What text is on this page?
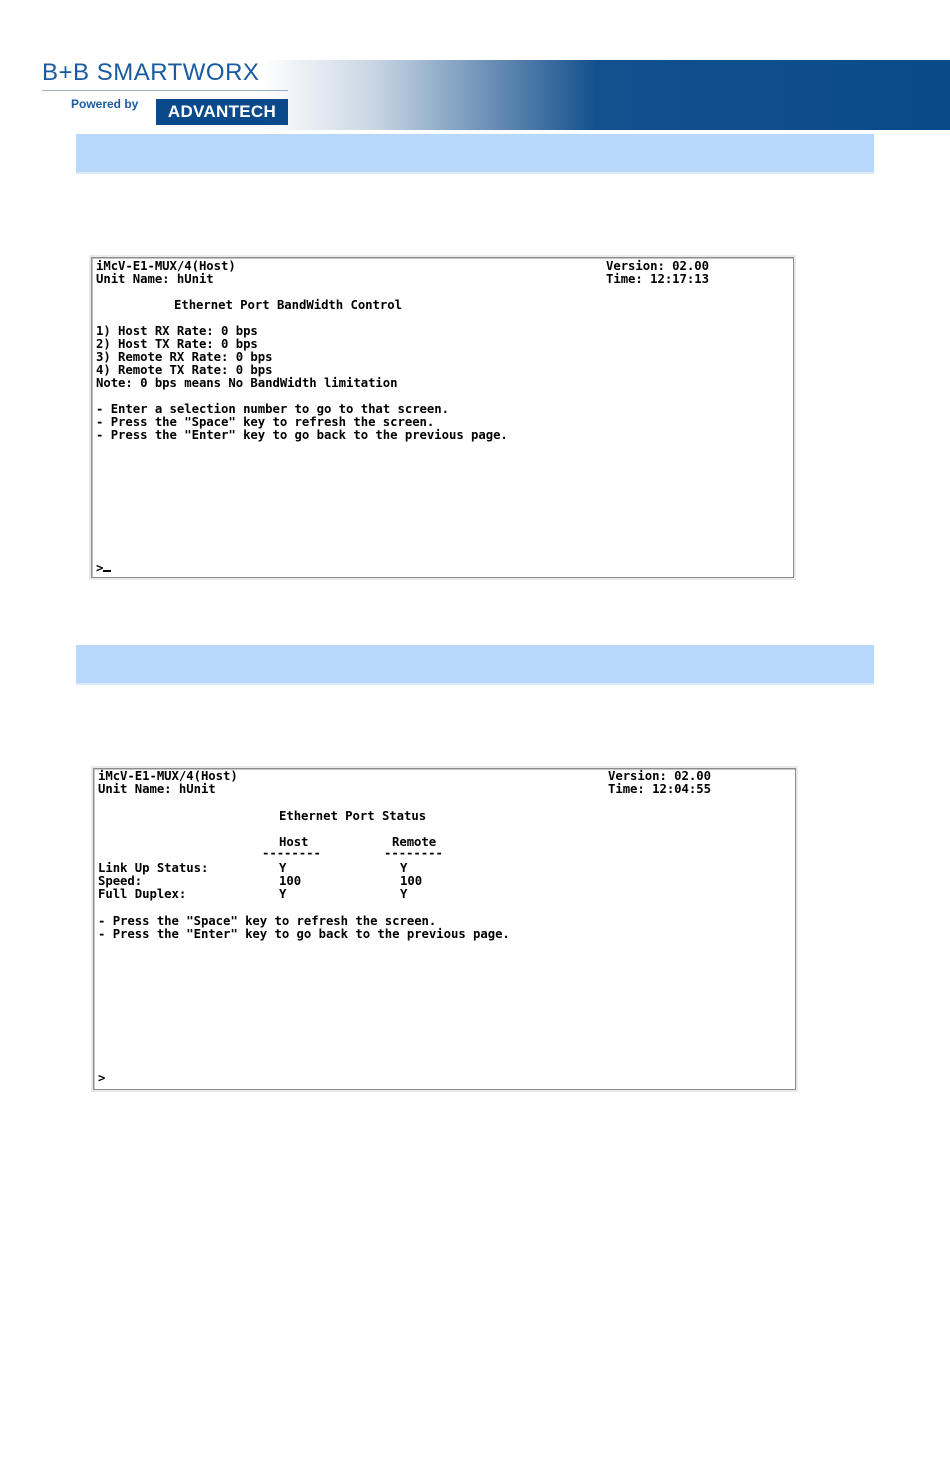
B+B SMARTWORX
Powered by	ADVANTECH
iMcV-E1-MUX/4(Host)	Version: 02.00
Unit Name: hUnit	Time: 12:17:13
Ethernet Port BandWidth Control
1) Host RX Rate: 0 bps
2) Host TX Rate: 0 bps
3) Remote RX Rate: 0 bps
4) Remote TX Rate: 0 bps
Note: 0 bps means No BandWidth limitation
- Enter a selection number to go to that screen.
- Press the "Space" key to refresh the screen.
- Press the "Enter" key to go back to the previous page.
>
iMcV-E1-MUX/4(Host)	Version: 02.00
Unit Name: hUnit	Time: 12:04:55
Ethernet Port Status
Host	Remote
--------	--------
Link Up Status:	Y	Y
Speed:	100	100
Full Duplex:	Y	Y
- Press the "Space" key to refresh the screen.
- Press the "Enter" key to go back to the previous page.
>
